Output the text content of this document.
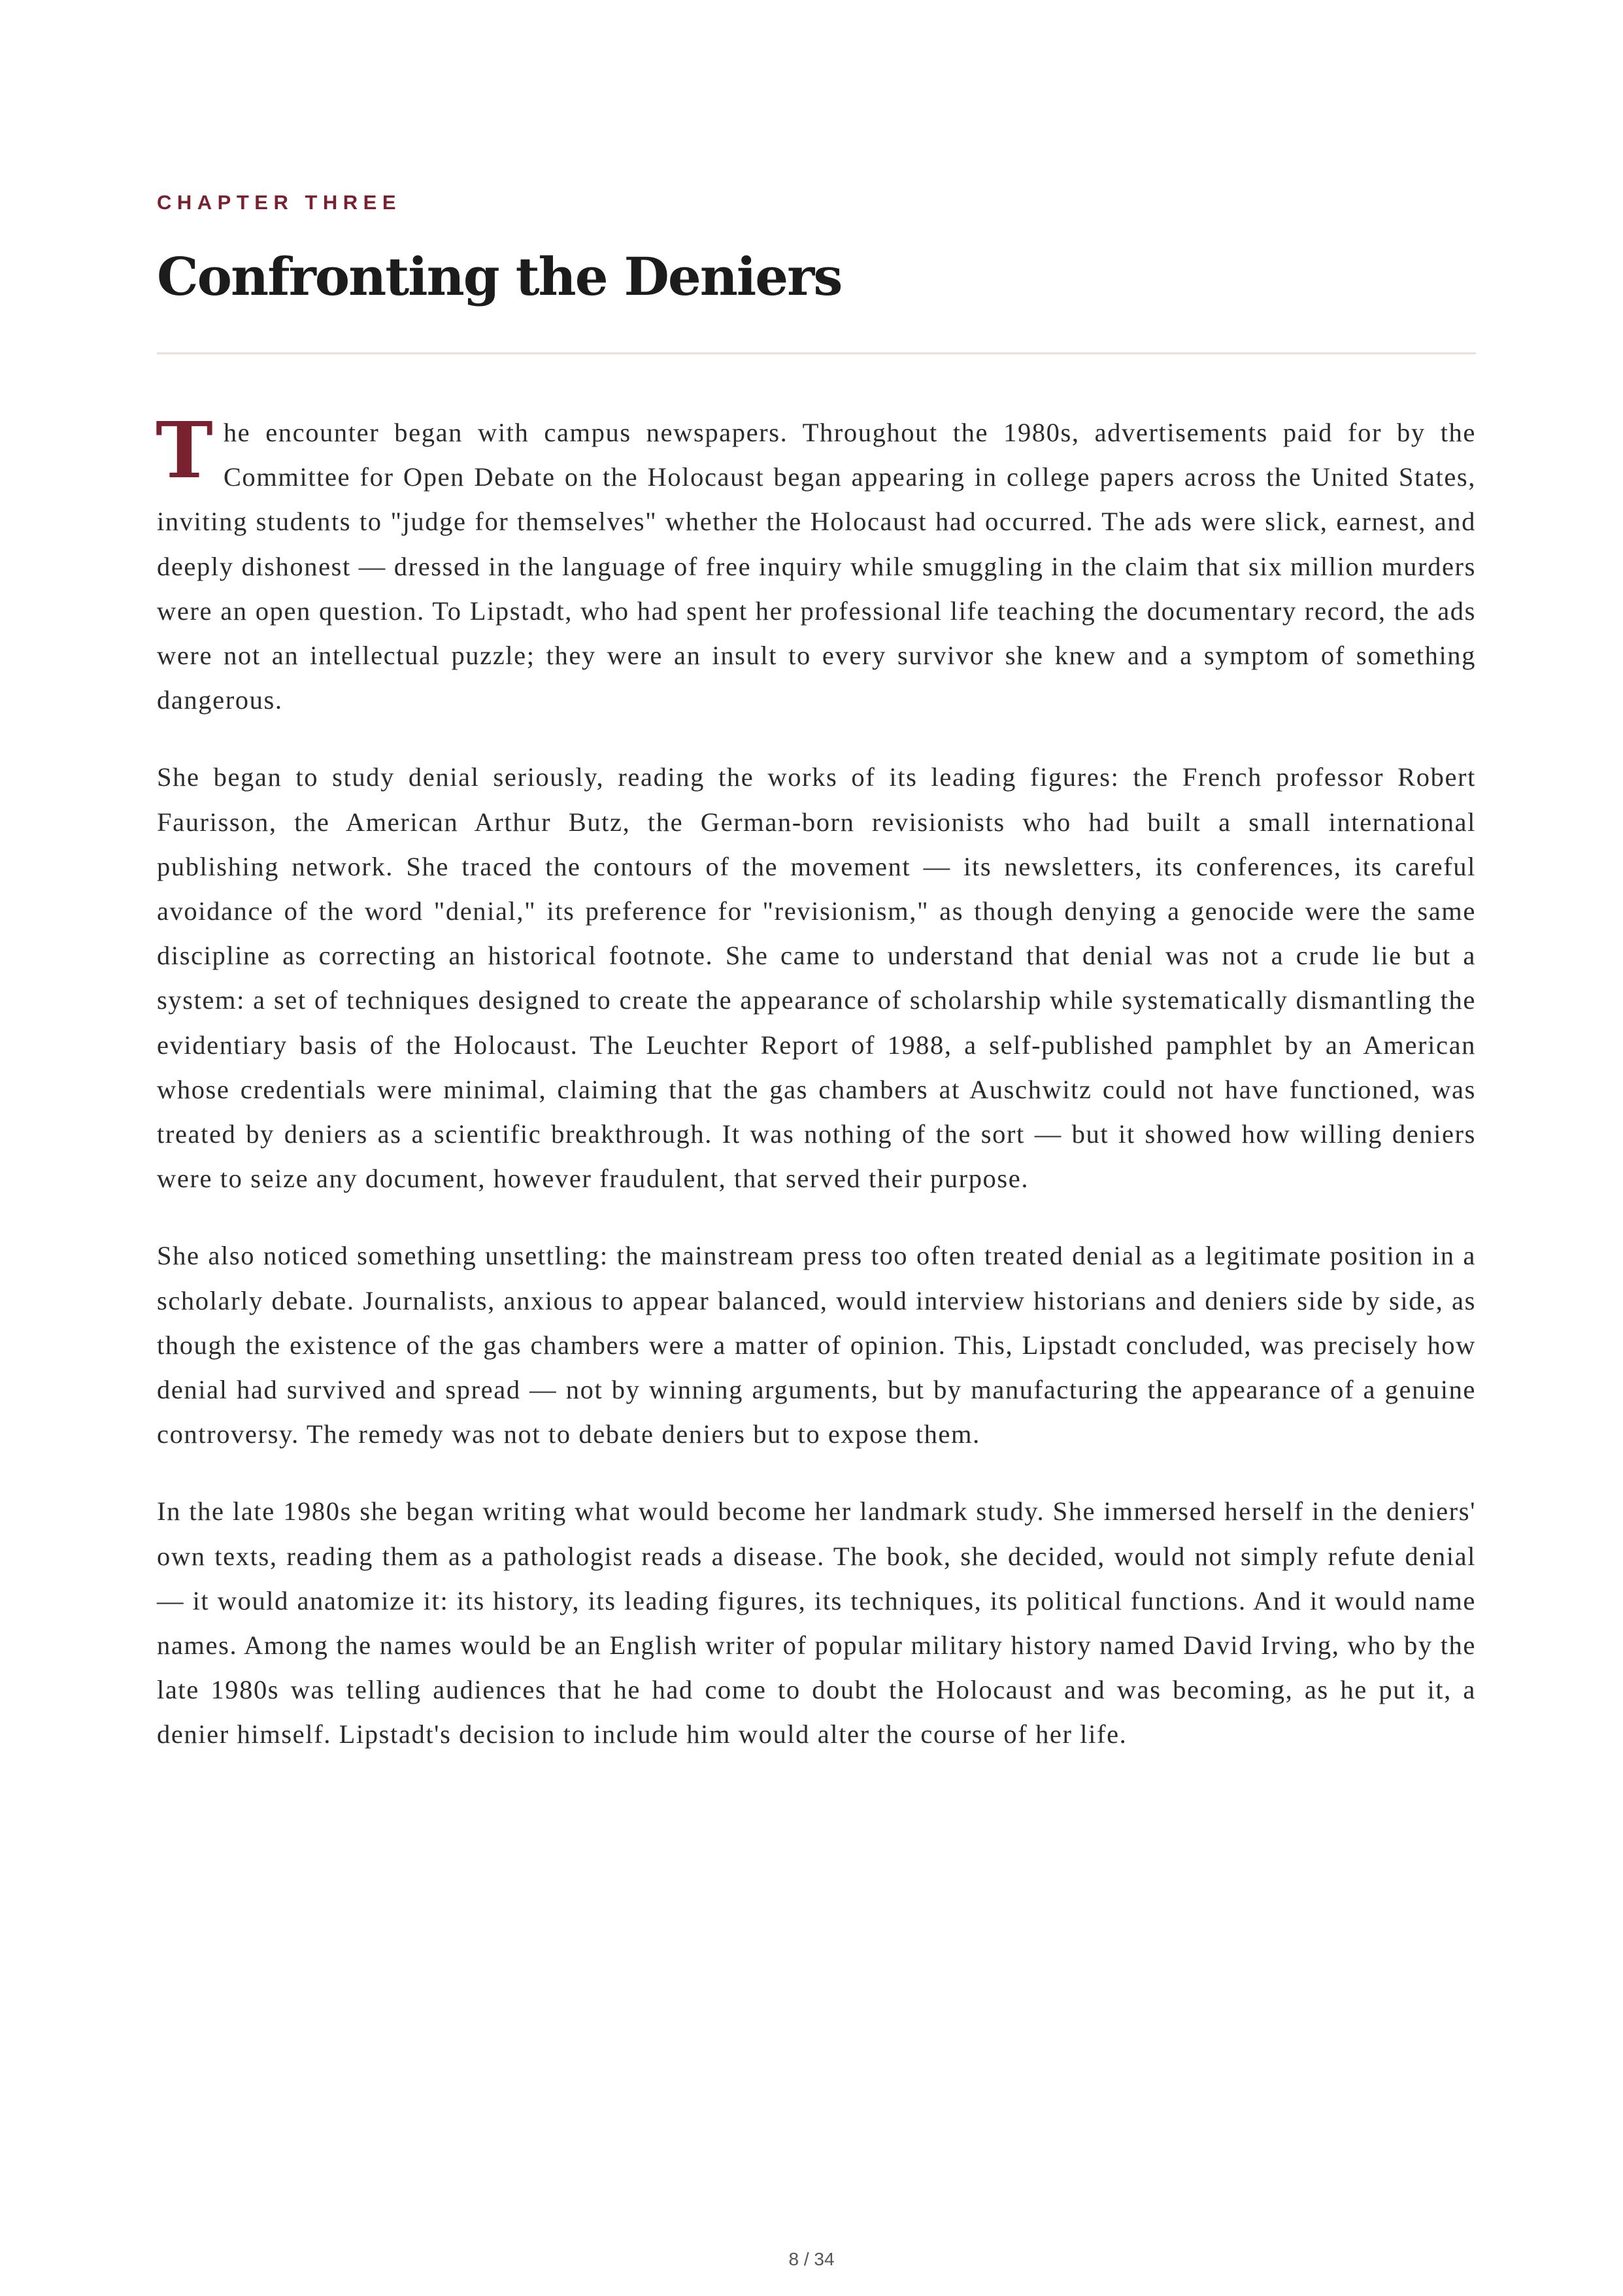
CHAPTER THREE
Confronting the Deniers

The encounter began with campus newspapers. Throughout the 1980s, advertisements paid for by the Committee for Open Debate on the Holocaust began appearing in college papers across the United States, inviting students to "judge for themselves" whether the Holocaust had occurred. The ads were slick, earnest, and deeply dishonest — dressed in the language of free inquiry while smuggling in the claim that six million murders were an open question. To Lipstadt, who had spent her professional life teaching the documentary record, the ads were not an intellectual puzzle; they were an insult to every survivor she knew and a symptom of something dangerous.

She began to study denial seriously, reading the works of its leading figures: the French professor Robert Faurisson, the American Arthur Butz, the German-born revisionists who had built a small international publishing network. She traced the contours of the movement — its newsletters, its conferences, its careful avoidance of the word "denial," its preference for "revisionism," as though denying a genocide were the same discipline as correcting an historical footnote. She came to understand that denial was not a crude lie but a system: a set of techniques designed to create the appearance of scholarship while systematically dismantling the evidentiary basis of the Holocaust. The Leuchter Report of 1988, a self-published pamphlet by an American whose credentials were minimal, claiming that the gas chambers at Auschwitz could not have functioned, was treated by deniers as a scientific breakthrough. It was nothing of the sort — but it showed how willing deniers were to seize any document, however fraudulent, that served their purpose.

She also noticed something unsettling: the mainstream press too often treated denial as a legitimate position in a scholarly debate. Journalists, anxious to appear balanced, would interview historians and deniers side by side, as though the existence of the gas chambers were a matter of opinion. This, Lipstadt concluded, was precisely how denial had survived and spread — not by winning arguments, but by manufacturing the appearance of a genuine controversy. The remedy was not to debate deniers but to expose them.

In the late 1980s she began writing what would become her landmark study. She immersed herself in the deniers' own texts, reading them as a pathologist reads a disease. The book, she decided, would not simply refute denial — it would anatomize it: its history, its leading figures, its techniques, its political functions. And it would name names. Among the names would be an English writer of popular military history named David Irving, who by the late 1980s was telling audiences that he had come to doubt the Holocaust and was becoming, as he put it, a denier himself. Lipstadt's decision to include him would alter the course of her life.

8 / 34
